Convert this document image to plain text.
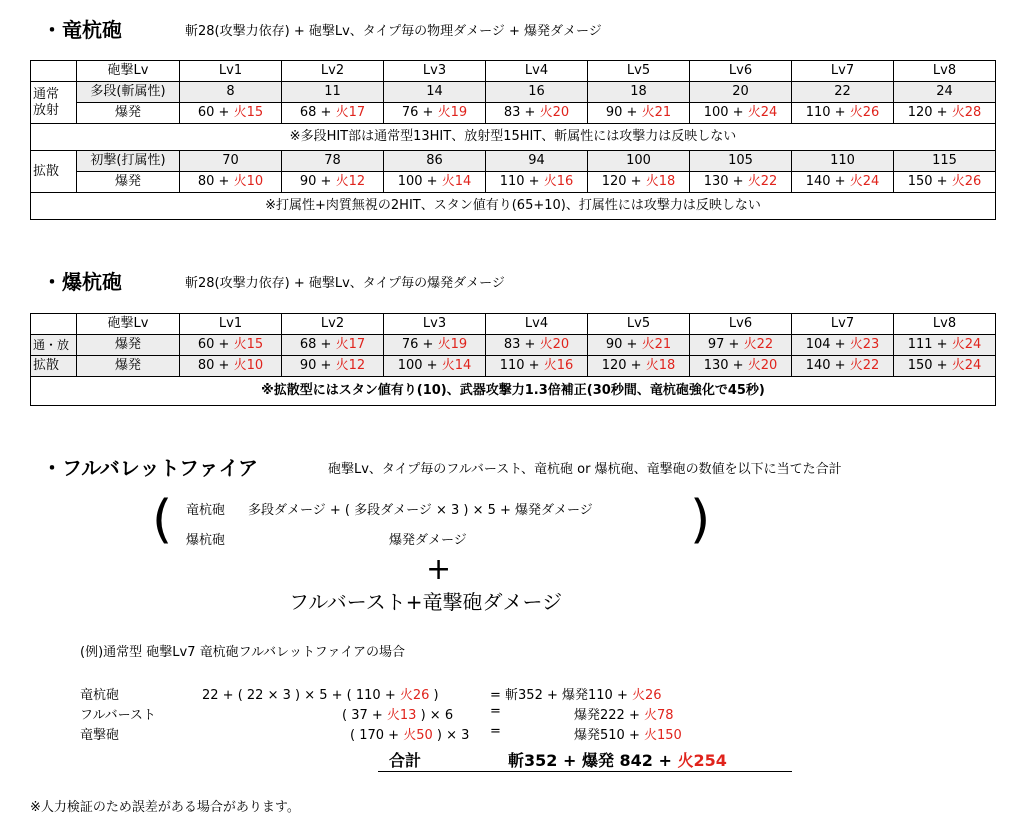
・竜杭砲	斬28(攻撃力依存) + 砲撃Lv、タイプ毎の物理ダメージ + 爆発ダメージ
	砲撃Lv	Lv1	Lv2	Lv3	Lv4	Lv5	Lv6	Lv7	Lv8
通常
放射	多段(斬属性)	8	11	14	16	18	20	22	24
	爆発	60 + 火15	68 + 火17	76 + 火19	83 + 火20	90 + 火21	100 + 火24	110 + 火26	120 + 火28
※多段HIT部は通常型13HIT、放射型15HIT、斬属性には攻撃力は反映しない									
拡散	初撃(打属性)	70	78	86	94	100	105	110	115
	爆発	80 + 火10	90 + 火12	100 + 火14	110 + 火16	120 + 火18	130 + 火22	140 + 火24	150 + 火26
※打属性+肉質無視の2HIT、スタン値有り(65+10)、打属性には攻撃力は反映しない									
・爆杭砲	斬28(攻撃力依存) + 砲撃Lv、タイプ毎の爆発ダメージ
	砲撃Lv	Lv1	Lv2	Lv3	Lv4	Lv5	Lv6	Lv7	Lv8
通・放	爆発	60 + 火15	68 + 火17	76 + 火19	83 + 火20	90 + 火21	97 + 火22	104 + 火23	111 + 火24
拡散	爆発	80 + 火10	90 + 火12	100 + 火14	110 + 火16	120 + 火18	130 + 火20	140 + 火22	150 + 火24
※拡散型にはスタン値有り(10)、武器攻撃力1.3倍補正(30秒間、竜杭砲強化で45秒)									
・フルバレットファイア	砲撃Lv、タイプ毎のフルバースト、竜杭砲 or 爆杭砲、竜撃砲の数値を以下に当てた合計
(	)
竜杭砲 多段ダメージ + ( 多段ダメージ × 3 ) × 5 + 爆発ダメージ
爆杭砲	爆発ダメージ
+
フルバースト+竜撃砲ダメージ
(例)通常型 砲撃Lv7 竜杭砲フルバレットファイアの場合
竜杭砲	22 + ( 22 × 3 ) × 5 + ( 110 + 火26 )	= 斬352 + 爆発110 + 火26
フルバースト	( 37 + 火13 ) × 6	=	爆発222 + 火78
竜撃砲	( 170 + 火50 ) × 3 =	爆発510 + 火150
合計	斬352 + 爆発 842 + 火254
※人力検証のため誤差がある場合があります。
